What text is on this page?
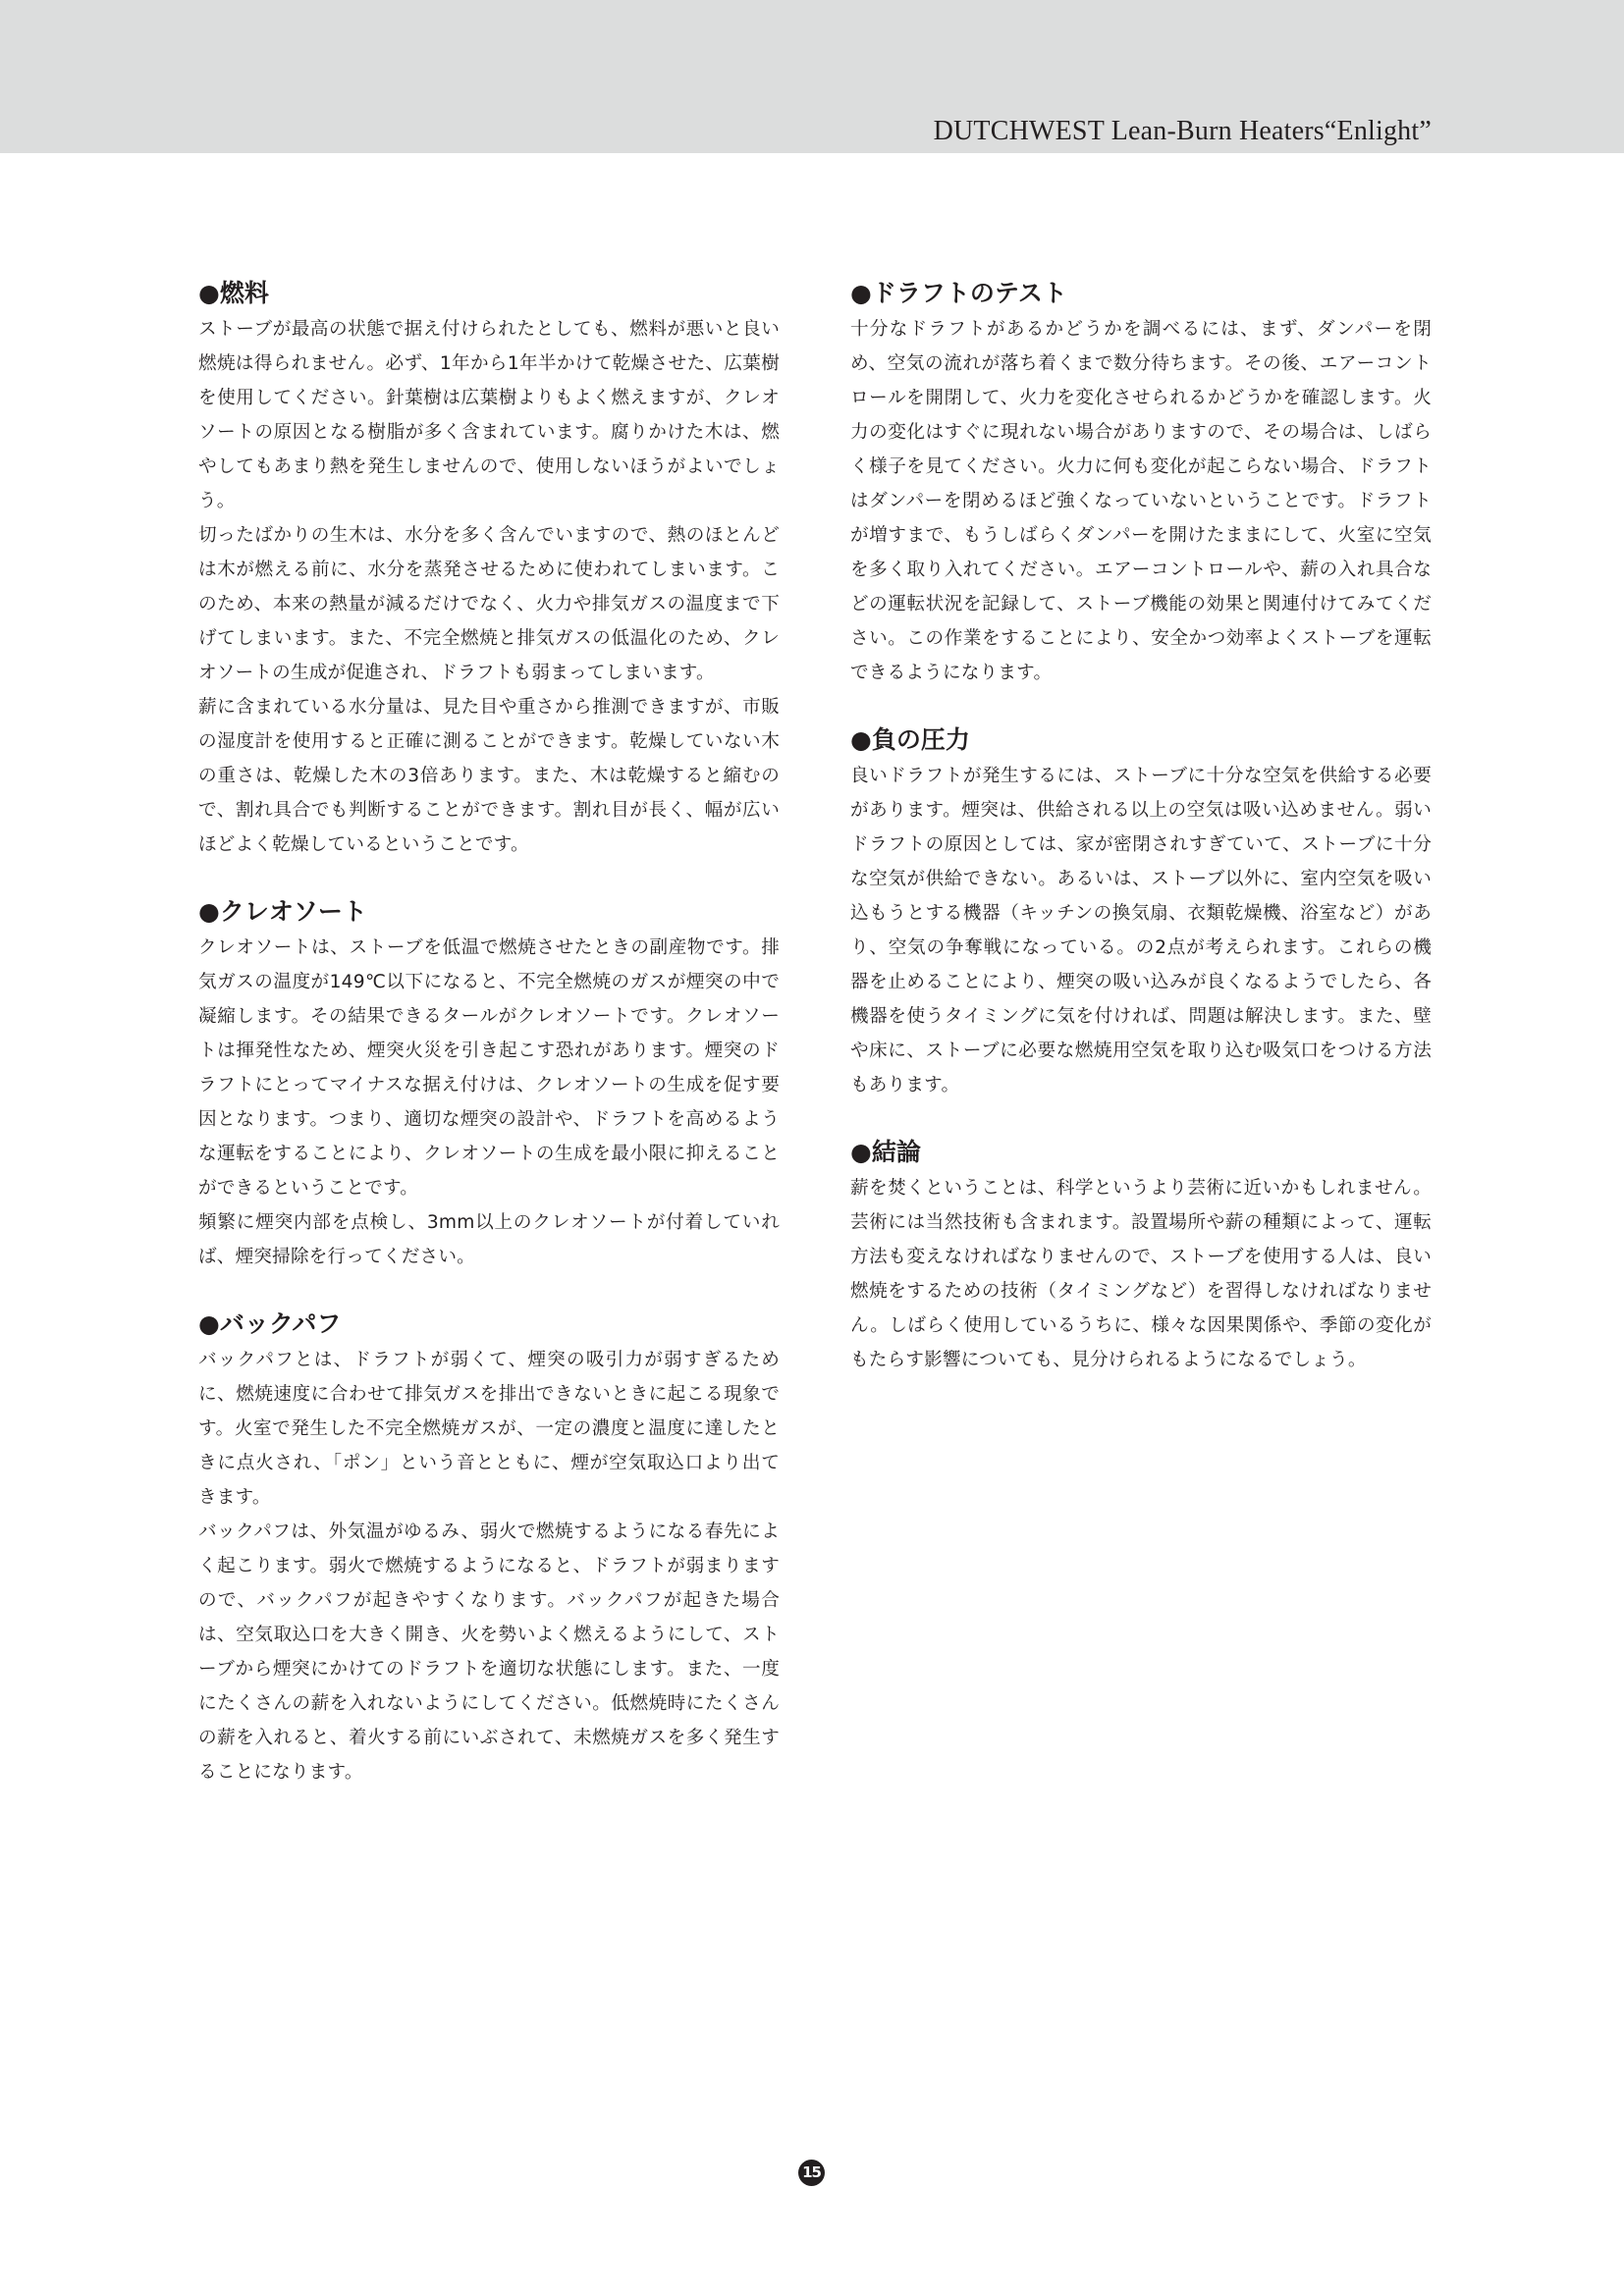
DUTCHWEST Lean-Burn Heaters“Enlight”
●燃料

ストーブが最高の状態で据え付けられたとしても、燃料が悪いと良い燃焼は得られません。必ず、1年から1年半かけて乾燥させた、広葉樹を使用してください。針葉樹は広葉樹よりもよく燃えますが、クレオソートの原因となる樹脂が多く含まれています。腐りかけた木は、燃やしてもあまり熱を発生しませんので、使用しないほうがよいでしょう。

切ったばかりの生木は、水分を多く含んでいますので、熱のほとんどは木が燃える前に、水分を蒸発させるために使われてしまいます。このため、本来の熱量が減るだけでなく、火力や排気ガスの温度まで下げてしまいます。また、不完全燃焼と排気ガスの低温化のため、クレオソートの生成が促進され、ドラフトも弱まってしまいます。

薪に含まれている水分量は、見た目や重さから推測できますが、市販の湿度計を使用すると正確に測ることができます。乾燥していない木の重さは、乾燥した木の3倍あります。また、木は乾燥すると縮むので、割れ具合でも判断することができます。割れ目が長く、幅が広いほどよく乾燥しているということです。

●クレオソート

クレオソートは、ストーブを低温で燃焼させたときの副産物です。排気ガスの温度が149℃以下になると、不完全燃焼のガスが煙突の中で凝縮します。その結果できるタールがクレオソートです。クレオソートは揮発性なため、煙突火災を引き起こす恐れがあります。煙突のドラフトにとってマイナスな据え付けは、クレオソートの生成を促す要因となります。つまり、適切な煙突の設計や、ドラフトを高めるような運転をすることにより、クレオソートの生成を最小限に抑えることができるということです。

頻繁に煙突内部を点検し、3mm以上のクレオソートが付着していれば、煙突掃除を行ってください。

●バックパフ

バックパフとは、ドラフトが弱くて、煙突の吸引力が弱すぎるために、燃焼速度に合わせて排気ガスを排出できないときに起こる現象です。火室で発生した不完全燃焼ガスが、一定の濃度と温度に達したときに点火され、「ポン」という音とともに、煙が空気取込口より出てきます。

バックパフは、外気温がゆるみ、弱火で燃焼するようになる春先によく起こります。弱火で燃焼するようになると、ドラフトが弱まりますので、バックパフが起きやすくなります。バックパフが起きた場合は、空気取込口を大きく開き、火を勢いよく燃えるようにして、ストーブから煙突にかけてのドラフトを適切な状態にします。また、一度にたくさんの薪を入れないようにしてください。低燃焼時にたくさんの薪を入れると、着火する前にいぶされて、未燃焼ガスを多く発生することになります。

●ドラフトのテスト

十分なドラフトがあるかどうかを調べるには、まず、ダンパーを閉め、空気の流れが落ち着くまで数分待ちます。その後、エアーコントロールを開閉して、火力を変化させられるかどうかを確認します。火力の変化はすぐに現れない場合がありますので、その場合は、しばらく様子を見てください。火力に何も変化が起こらない場合、ドラフトはダンパーを閉めるほど強くなっていないということです。ドラフトが増すまで、もうしばらくダンパーを開けたままにして、火室に空気を多く取り入れてください。エアーコントロールや、薪の入れ具合などの運転状況を記録して、ストーブ機能の効果と関連付けてみてください。この作業をすることにより、安全かつ効率よくストーブを運転できるようになります。

●負の圧力

良いドラフトが発生するには、ストーブに十分な空気を供給する必要があります。煙突は、供給される以上の空気は吸い込めません。弱いドラフトの原因としては、家が密閉されすぎていて、ストーブに十分な空気が供給できない。あるいは、ストーブ以外に、室内空気を吸い込もうとする機器（キッチンの換気扇、衣類乾燥機、浴室など）があり、空気の争奪戦になっている。の2点が考えられます。これらの機器を止めることにより、煙突の吸い込みが良くなるようでしたら、各機器を使うタイミングに気を付ければ、問題は解決します。また、壁や床に、ストーブに必要な燃焼用空気を取り込む吸気口をつける方法もあります。

●結論

薪を焚くということは、科学というより芸術に近いかもしれません。芸術には当然技術も含まれます。設置場所や薪の種類によって、運転方法も変えなければなりませんので、ストーブを使用する人は、良い燃焼をするための技術（タイミングなど）を習得しなければなりません。しばらく使用しているうちに、様々な因果関係や、季節の変化がもたらす影響についても、見分けられるようになるでしょう。

15
